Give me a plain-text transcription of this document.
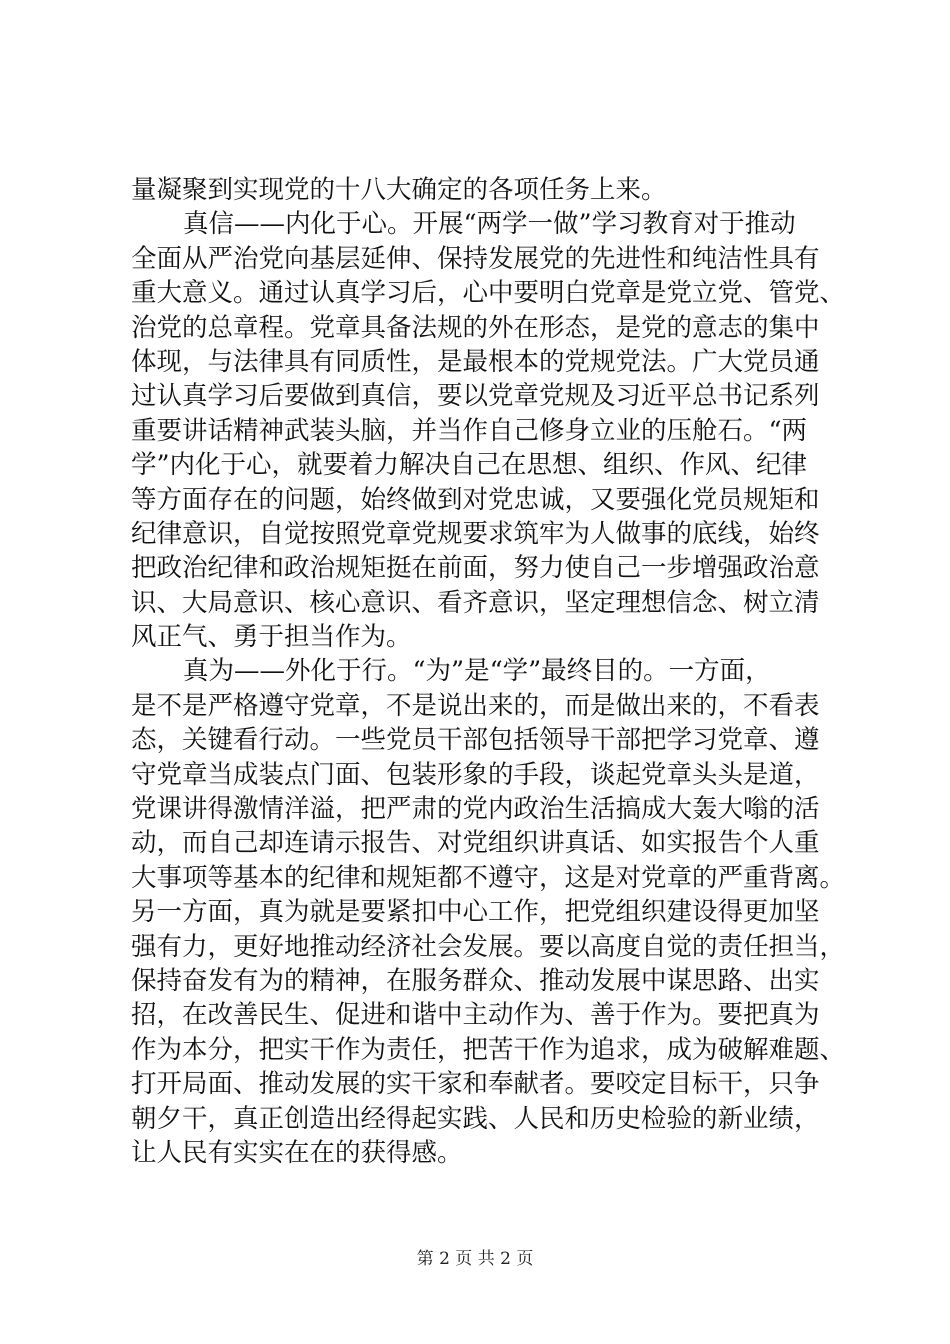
量凝聚到实现党的十八大确定的各项任务上来。
真信——内化于心。开展“两学一做”学习教育对于推动
全面从严治党向基层延伸、保持发展党的先进性和纯洁性具有
重大意义。通过认真学习后，心中要明白党章是党立党、管党、
治党的总章程。党章具备法规的外在形态，是党的意志的集中
体现，与法律具有同质性，是最根本的党规党法。广大党员通
过认真学习后要做到真信，要以党章党规及习近平总书记系列
重要讲话精神武装头脑，并当作自己修身立业的压舱石。“两
学”内化于心，就要着力解决自己在思想、组织、作风、纪律
等方面存在的问题，始终做到对党忠诚，又要强化党员规矩和
纪律意识，自觉按照党章党规要求筑牢为人做事的底线，始终
把政治纪律和政治规矩挺在前面，努力使自己一步增强政治意
识、大局意识、核心意识、看齐意识，坚定理想信念、树立清
风正气、勇于担当作为。
真为——外化于行。“为”是“学”最终目的。一方面，
是不是严格遵守党章，不是说出来的，而是做出来的，不看表
态，关键看行动。一些党员干部包括领导干部把学习党章、遵
守党章当成装点门面、包装形象的手段，谈起党章头头是道，
党课讲得激情洋溢，把严肃的党内政治生活搞成大轰大嗡的活
动，而自己却连请示报告、对党组织讲真话、如实报告个人重
大事项等基本的纪律和规矩都不遵守，这是对党章的严重背离。
另一方面，真为就是要紧扣中心工作，把党组织建设得更加坚
强有力，更好地推动经济社会发展。要以高度自觉的责任担当，
保持奋发有为的精神，在服务群众、推动发展中谋思路、出实
招，在改善民生、促进和谐中主动作为、善于作为。要把真为
作为本分，把实干作为责任，把苦干作为追求，成为破解难题、
打开局面、推动发展的实干家和奉献者。要咬定目标干，只争
朝夕干，真正创造出经得起实践、人民和历史检验的新业绩，
让人民有实实在在的获得感。
第 2 页 共 2 页
